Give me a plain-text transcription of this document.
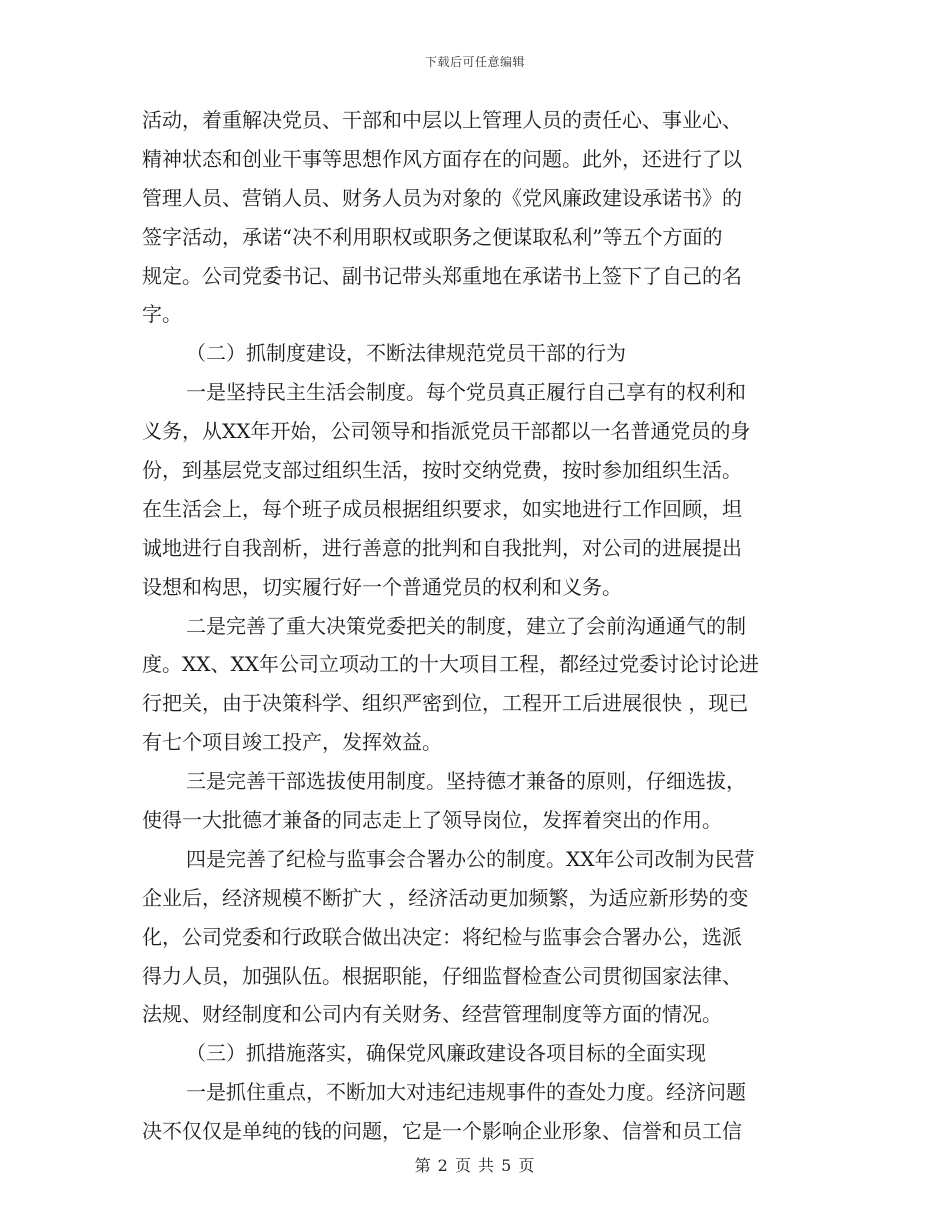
下载后可任意编辑
活动，着重解决党员、干部和中层以上管理人员的责任心、事业心、
精神状态和创业干事等思想作风方面存在的问题。此外，还进行了以
管理人员、营销人员、财务人员为对象的《党风廉政建设承诺书》的
签字活动，承诺“决不利用职权或职务之便谋取私利”等五个方面的
规定。公司党委书记、副书记带头郑重地在承诺书上签下了自己的名
字。
（二）抓制度建设，不断法律规范党员干部的行为
一是坚持民主生活会制度。每个党员真正履行自己享有的权利和
义务，从XX年开始，公司领导和指派党员干部都以一名普通党员的身
份，到基层党支部过组织生活，按时交纳党费，按时参加组织生活。
在生活会上，每个班子成员根据组织要求，如实地进行工作回顾，坦
诚地进行自我剖析，进行善意的批判和自我批判，对公司的进展提出
设想和构思，切实履行好一个普通党员的权利和义务。
二是完善了重大决策党委把关的制度，建立了会前沟通通气的制
度。XX、XX年公司立项动工的十大项目工程，都经过党委讨论讨论进
行把关，由于决策科学、组织严密到位，工程开工后进展很快 ，现已
有七个项目竣工投产，发挥效益。
三是完善干部选拔使用制度。坚持德才兼备的原则，仔细选拔，
使得一大批德才兼备的同志走上了领导岗位，发挥着突出的作用。
四是完善了纪检与监事会合署办公的制度。XX年公司改制为民营
企业后，经济规模不断扩大 ，经济活动更加频繁，为适应新形势的变
化，公司党委和行政联合做出决定：将纪检与监事会合署办公，选派
得力人员，加强队伍。根据职能，仔细监督检查公司贯彻国家法律、
法规、财经制度和公司内有关财务、经营管理制度等方面的情况。
（三）抓措施落实，确保党风廉政建设各项目标的全面实现
一是抓住重点，不断加大对违纪违规事件的查处力度。经济问题
决不仅仅是单纯的钱的问题，它是一个影响企业形象、信誉和员工信
第 2 页 共 5 页
